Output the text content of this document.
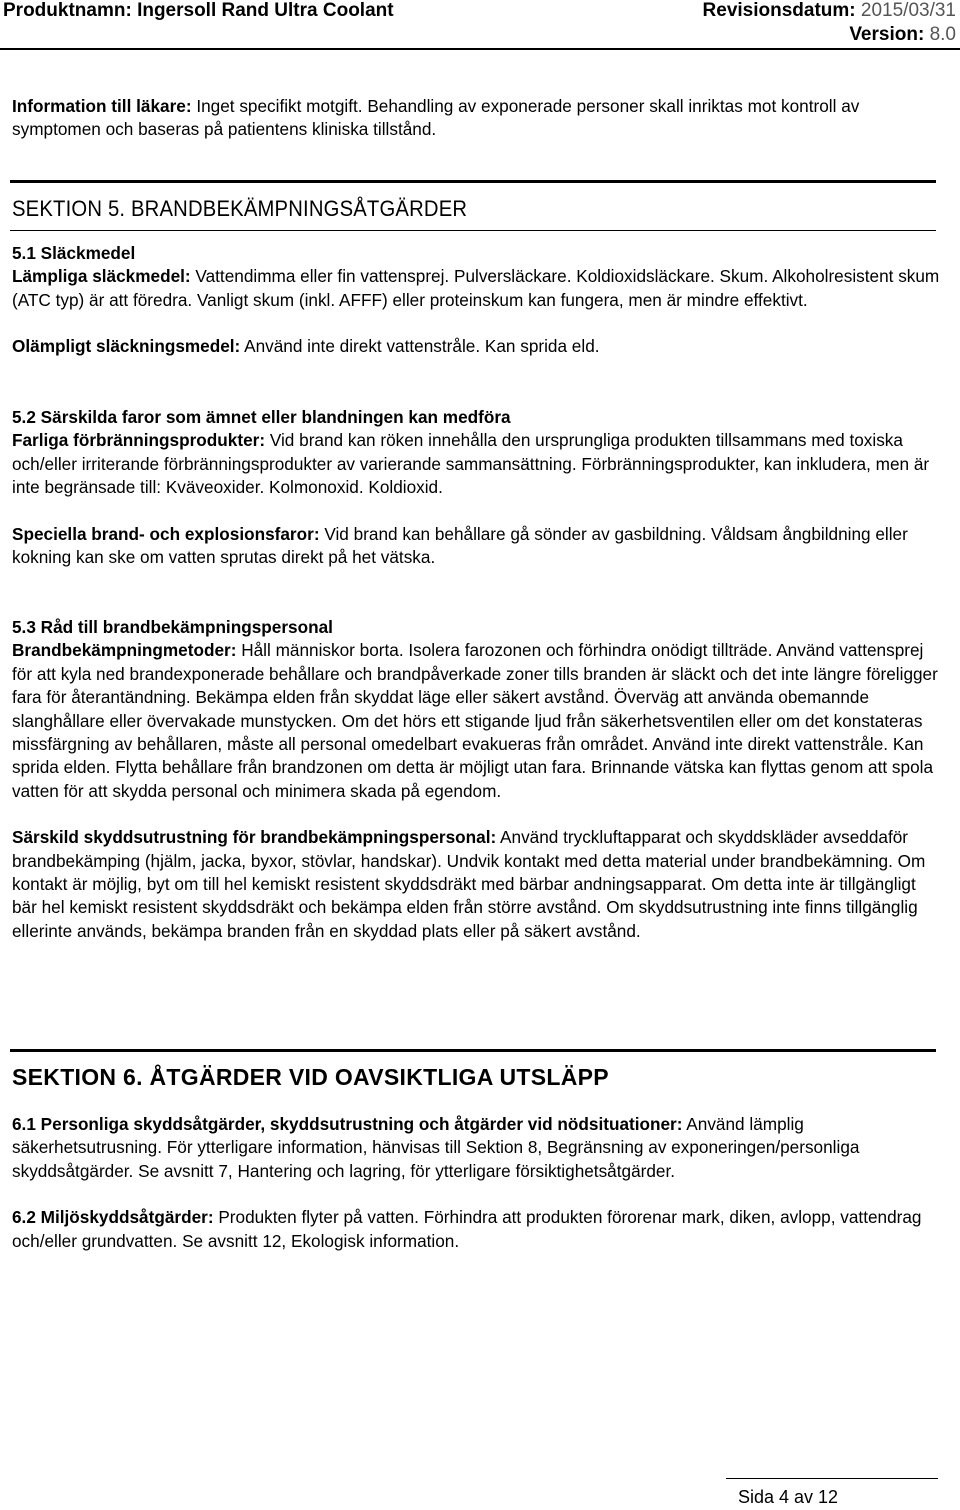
Produktnamn: Ingersoll Rand Ultra Coolant	Revisionsdatum: 2015/03/31
Version: 8.0

Information till läkare: Inget specifikt motgift. Behandling av exponerade personer skall inriktas mot kontroll av symptomen och baseras på patientens kliniska tillstånd.

SEKTION 5. BRANDBEKÄMPNINGSÅTGÄRDER

5.1 Släckmedel

Lämpliga släckmedel: Vattendimma eller fin vattensprej. Pulversläckare. Koldioxidsläckare. Skum. Alkoholresistent skum (ATC typ) är att föredra. Vanligt skum (inkl. AFFF) eller proteinskum kan fungera, men är mindre effektivt.

Olämpligt släckningsmedel: Använd inte direkt vattenstråle. Kan sprida eld.

5.2 Särskilda faror som ämnet eller blandningen kan medföra

Farliga förbränningsprodukter: Vid brand kan röken innehålla den ursprungliga produkten tillsammans med toxiska och/eller irriterande förbränningsprodukter av varierande sammansättning. Förbränningsprodukter, kan inkludera, men är inte begränsade till: Kväveoxider. Kolmonoxid. Koldioxid.

Speciella brand- och explosionsfaror: Vid brand kan behållare gå sönder av gasbildning. Våldsam ångbildning eller kokning kan ske om vatten sprutas direkt på het vätska.

5.3 Råd till brandbekämpningspersonal

Brandbekämpningmetoder: Håll människor borta. Isolera farozonen och förhindra onödigt tillträde. Använd vattensprej för att kyla ned brandexponerade behållare och brandpåverkade zoner tills branden är släckt och det inte längre föreligger fara för återantändning. Bekämpa elden från skyddat läge eller säkert avstånd. Överväg att använda obemannde slanghållare eller övervakade munstycken. Om det hörs ett stigande ljud från säkerhetsventilen eller om det konstateras missfärgning av behållaren, måste all personal omedelbart evakueras från området. Använd inte direkt vattenstråle. Kan sprida elden. Flytta behållare från brandzonen om detta är möjligt utan fara. Brinnande vätska kan flyttas genom att spola vatten för att skydda personal och minimera skada på egendom.

Särskild skyddsutrustning för brandbekämpningspersonal: Använd tryckluftapparat och skyddskläder avseddaför brandbekämping (hjälm, jacka, byxor, stövlar, handskar). Undvik kontakt med detta material under brandbekämning. Om kontakt är möjlig, byt om till hel kemiskt resistent skyddsdräkt med bärbar andningsapparat. Om detta inte är tillgängligt bär hel kemiskt resistent skyddsdräkt och bekämpa elden från större avstånd. Om skyddsutrustning inte finns tillgänglig ellerinte används, bekämpa branden från en skyddad plats eller på säkert avstånd.

SEKTION 6. ÅTGÄRDER VID OAVSIKTLIGA UTSLÄPP

6.1 Personliga skyddsåtgärder, skyddsutrustning och åtgärder vid nödsituationer: Använd lämplig säkerhetsutrusning. För ytterligare information, hänvisas till Sektion 8, Begränsning av exponeringen/personliga skyddsåtgärder. Se avsnitt 7, Hantering och lagring, för ytterligare försiktighetsåtgärder.

6.2 Miljöskyddsåtgärder: Produkten flyter på vatten. Förhindra att produkten förorenar mark, diken, avlopp, vattendrag och/eller grundvatten. Se avsnitt 12, Ekologisk information.

Sida 4 av 12
